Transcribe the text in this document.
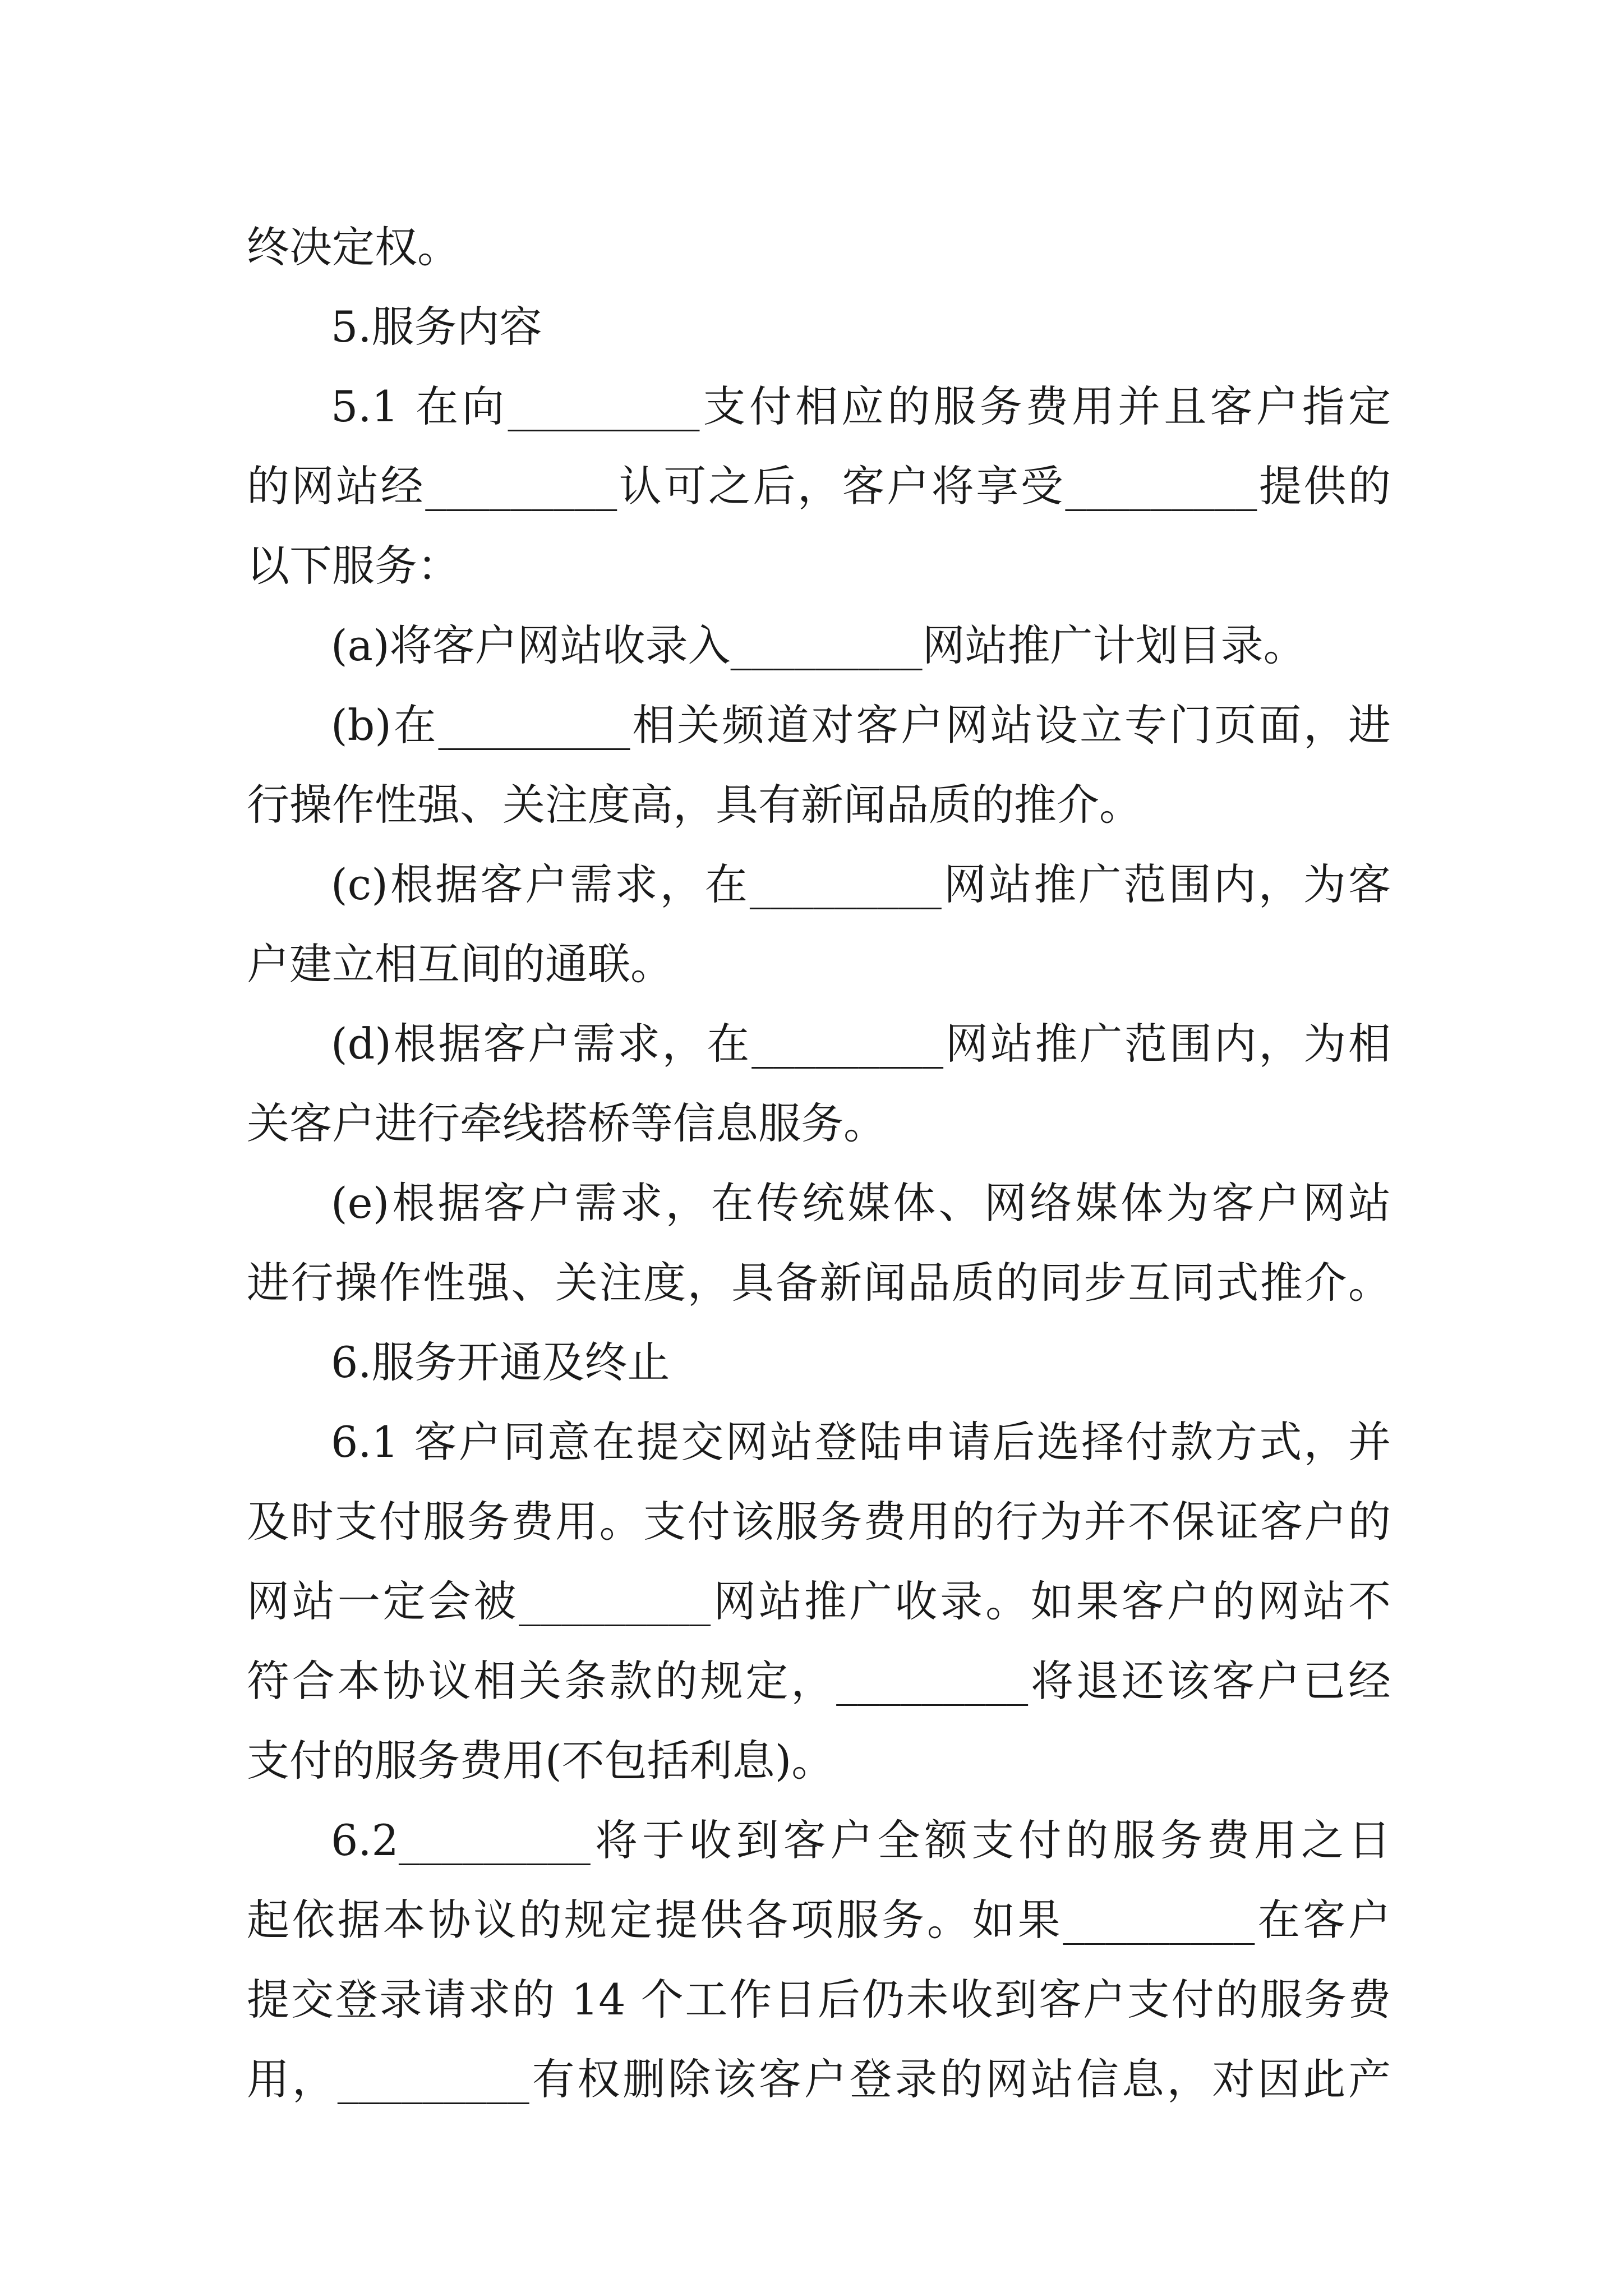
终决定权。
5.服务内容
5.1 在向_________支付相应的服务费用并且客户指定
的网站经_________认可之后，客户将享受_________提供的
以下服务：
(a)将客户网站收录入_________网站推广计划目录。
(b)在_________相关频道对客户网站设立专门页面，进
行操作性强、关注度高，具有新闻品质的推介。
(c)根据客户需求，在_________网站推广范围内，为客
户建立相互间的通联。
(d)根据客户需求，在_________网站推广范围内，为相
关客户进行牵线搭桥等信息服务。
(e)根据客户需求，在传统媒体、网络媒体为客户网站
进行操作性强、关注度，具备新闻品质的同步互同式推介。
6.服务开通及终止
6.1 客户同意在提交网站登陆申请后选择付款方式，并
及时支付服务费用。支付该服务费用的行为并不保证客户的
网站一定会被_________网站推广收录。如果客户的网站不
符合本协议相关条款的规定，_________将退还该客户已经
支付的服务费用(不包括利息)。
6.2_________将于收到客户全额支付的服务费用之日
起依据本协议的规定提供各项服务。如果_________在客户
提交登录请求的 14 个工作日后仍未收到客户支付的服务费
用，_________有权删除该客户登录的网站信息，对因此产
